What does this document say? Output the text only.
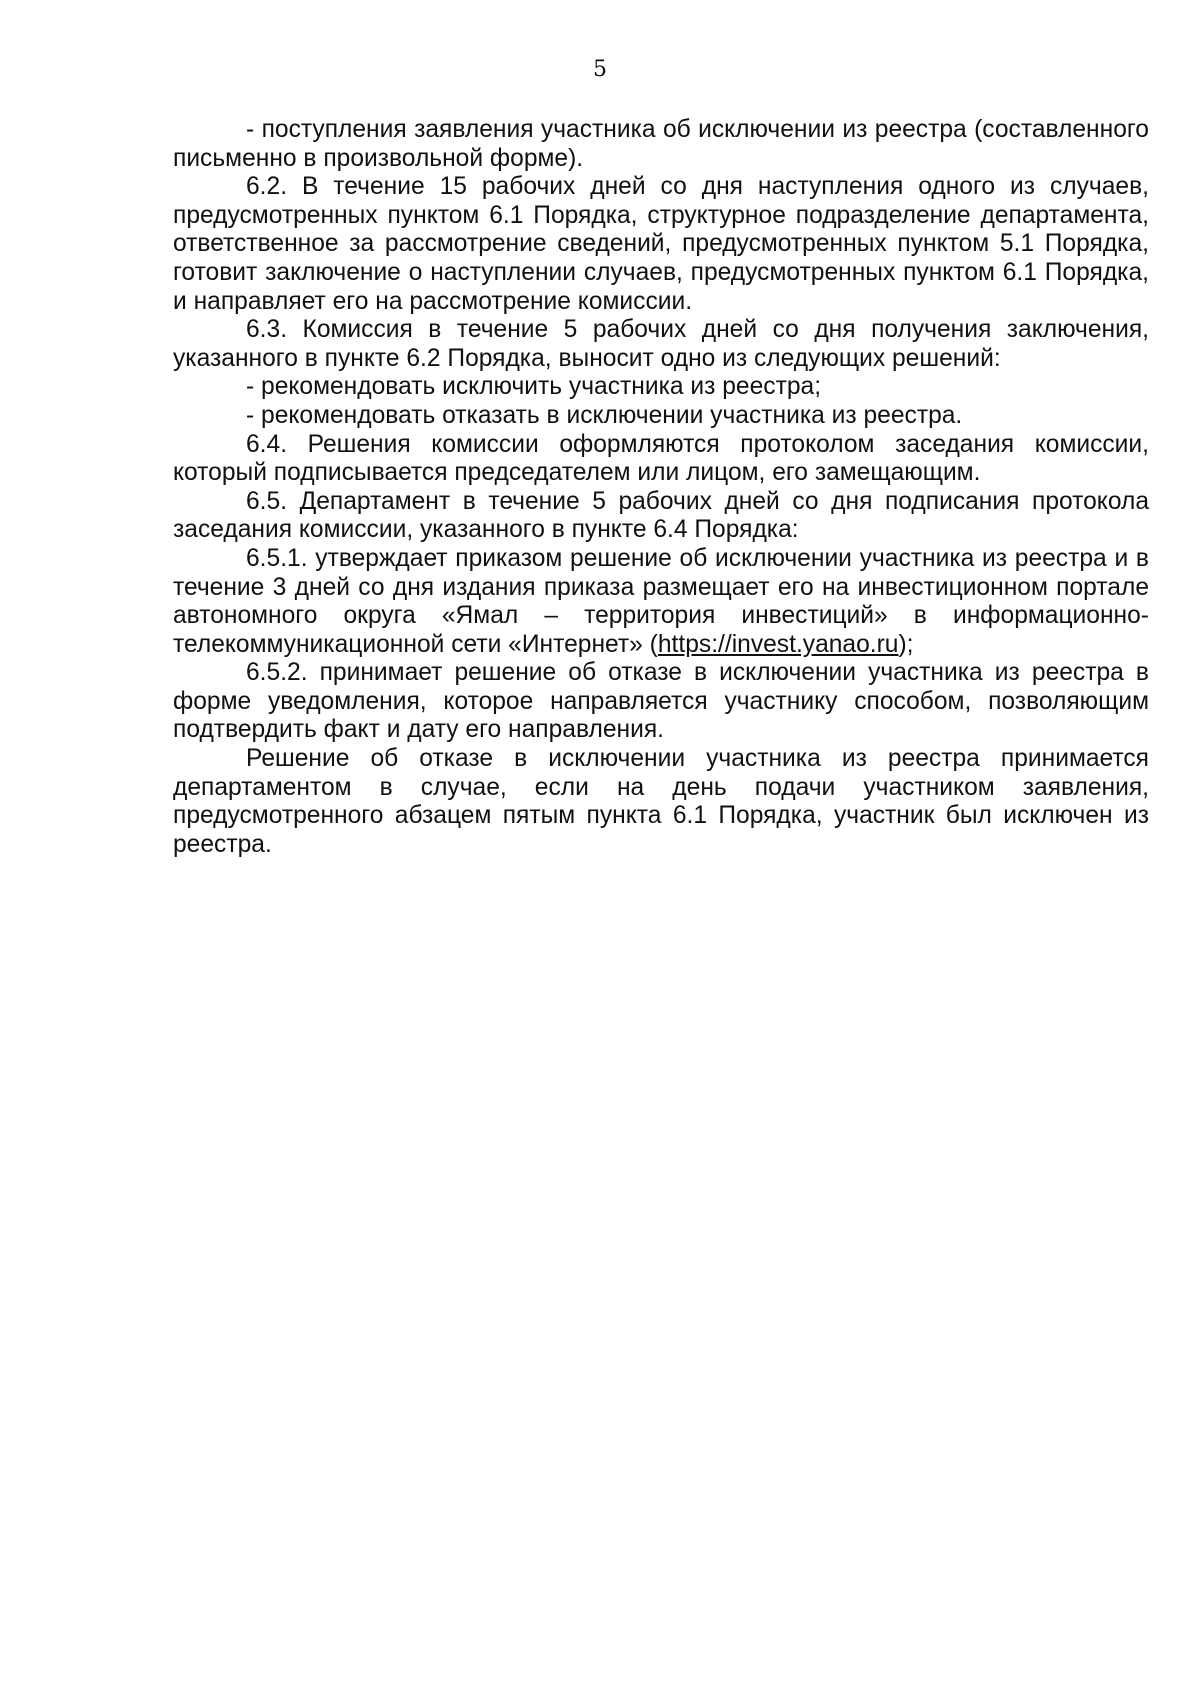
5

- поступления заявления участника об исключении из реестра (составленного письменно в произвольной форме).

6.2. В течение 15 рабочих дней со дня наступления одного из случаев, предусмотренных пунктом 6.1 Порядка, структурное подразделение департамента, ответственное за рассмотрение сведений, предусмотренных пунктом 5.1 Порядка, готовит заключение о наступлении случаев, предусмотренных пунктом 6.1 Порядка, и направляет его на рассмотрение комиссии.

6.3. Комиссия в течение 5 рабочих дней со дня получения заключения, указанного в пункте 6.2 Порядка, выносит одно из следующих решений:

- рекомендовать исключить участника из реестра;

- рекомендовать отказать в исключении участника из реестра.

6.4. Решения комиссии оформляются протоколом заседания комиссии, который подписывается председателем или лицом, его замещающим.

6.5. Департамент в течение 5 рабочих дней со дня подписания протокола заседания комиссии, указанного в пункте 6.4 Порядка:

6.5.1. утверждает приказом решение об исключении участника из реестра и в течение 3 дней со дня издания приказа размещает его на инвестиционном портале автономного округа «Ямал – территория инвестиций» в информационно-телекоммуникационной сети «Интернет» (https://invest.yanao.ru);

6.5.2. принимает решение об отказе в исключении участника из реестра в форме уведомления, которое направляется участнику способом, позволяющим подтвердить факт и дату его направления.

Решение об отказе в исключении участника из реестра принимается департаментом в случае, если на день подачи участником заявления, предусмотренного абзацем пятым пункта 6.1 Порядка, участник был исключен из реестра.
